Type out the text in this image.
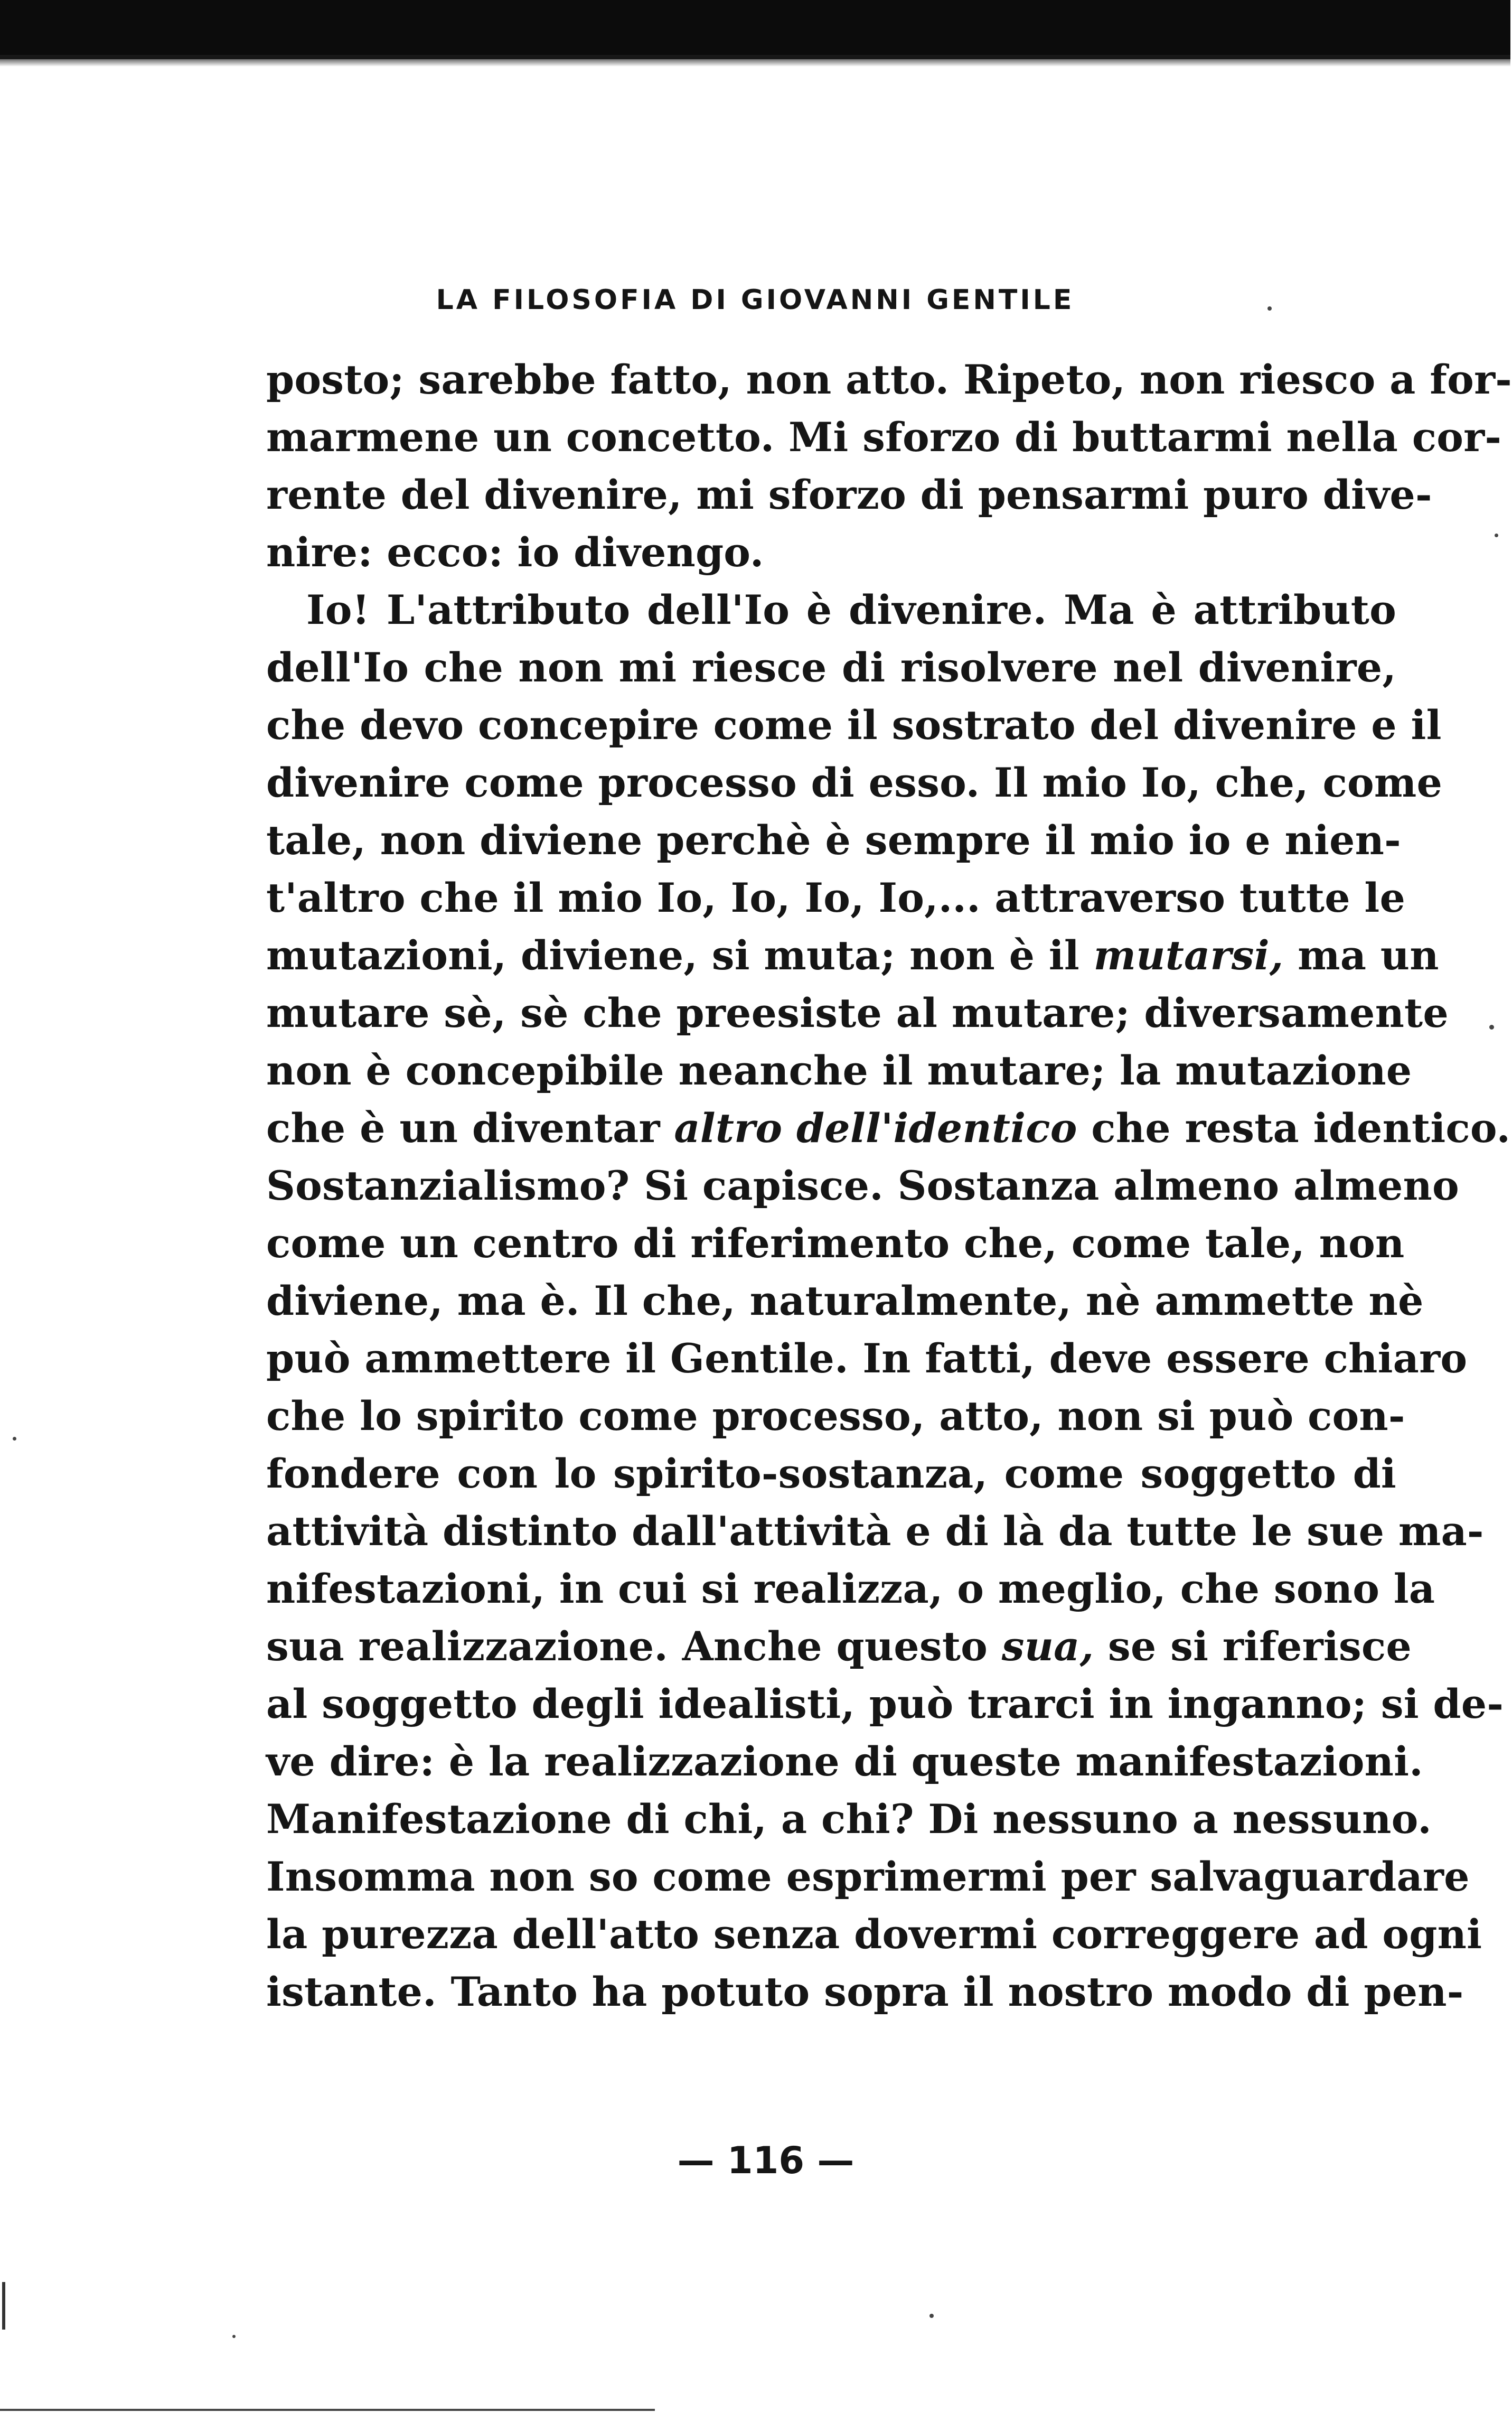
LA FILOSOFIA DI GIOVANNI GENTILE
posto; sarebbe fatto, non atto. Ripeto, non riesco a for-
marmene un concetto. Mi sforzo di buttarmi nella cor-
rente del divenire, mi sforzo di pensarmi puro dive-
nire: ecco: io divengo.
Io! L'attributo dell'Io è divenire. Ma è attributo
dell'Io che non mi riesce di risolvere nel divenire,
che devo concepire come il sostrato del divenire e il
divenire come processo di esso. Il mio Io, che, come
tale, non diviene perchè è sempre il mio io e nien-
t'altro che il mio Io, Io, Io, Io,... attraverso tutte le
mutazioni, diviene, si muta; non è il mutarsi, ma un
mutare sè, sè che preesiste al mutare; diversamente
non è concepibile neanche il mutare; la mutazione
che è un diventar altro dell'identico che resta identico.
Sostanzialismo? Si capisce. Sostanza almeno almeno
come un centro di riferimento che, come tale, non
diviene, ma è. Il che, naturalmente, nè ammette nè
può ammettere il Gentile. In fatti, deve essere chiaro
che lo spirito come processo, atto, non si può con-
fondere con lo spirito-sostanza, come soggetto di
attività distinto dall'attività e di là da tutte le sue ma-
nifestazioni, in cui si realizza, o meglio, che sono la
sua realizzazione. Anche questo sua, se si riferisce
al soggetto degli idealisti, può trarci in inganno; si de-
ve dire: è la realizzazione di queste manifestazioni.
Manifestazione di chi, a chi? Di nessuno a nessuno.
Insomma non so come esprimermi per salvaguardare
la purezza dell'atto senza dovermi correggere ad ogni
istante. Tanto ha potuto sopra il nostro modo di pen-
— 116 —
